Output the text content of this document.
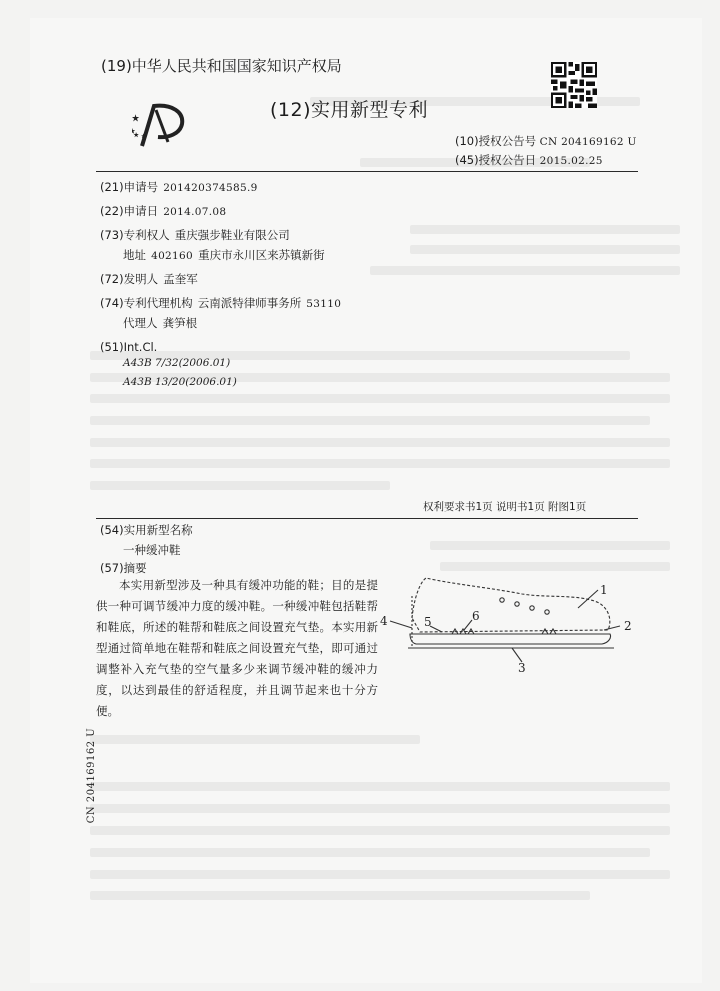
(19)中华人民共和国国家知识产权局
(12)实用新型专利
(10)授权公告号 CN 204169162 U
(45)授权公告日 2015.02.25
(21)申请号 201420374585.9
(22)申请日 2014.07.08
(73)专利权人 重庆强步鞋业有限公司
地址 402160 重庆市永川区来苏镇新街
(72)发明人 孟奎军
(74)专利代理机构 云南派特律师事务所 53110
代理人 龚笋根
(51)Int.Cl.
A43B 7/32(2006.01)
A43B 13/20(2006.01)
权利要求书1页 说明书1页 附图1页
(54)实用新型名称
一种缓冲鞋
(57)摘要

本实用新型涉及一种具有缓冲功能的鞋；目的是提供一种可调节缓冲力度的缓冲鞋。一种缓冲鞋包括鞋帮和鞋底，所述的鞋帮和鞋底之间设置充气垫。本实用新型通过简单地在鞋帮和鞋底之间设置充气垫，即可通过调整补入充气垫的空气量多少来调节缓冲鞋的缓冲力度，以达到最佳的舒适程度，并且调节起来也十分方便。

1
2
3
4	5	6
CN 204169162 U
